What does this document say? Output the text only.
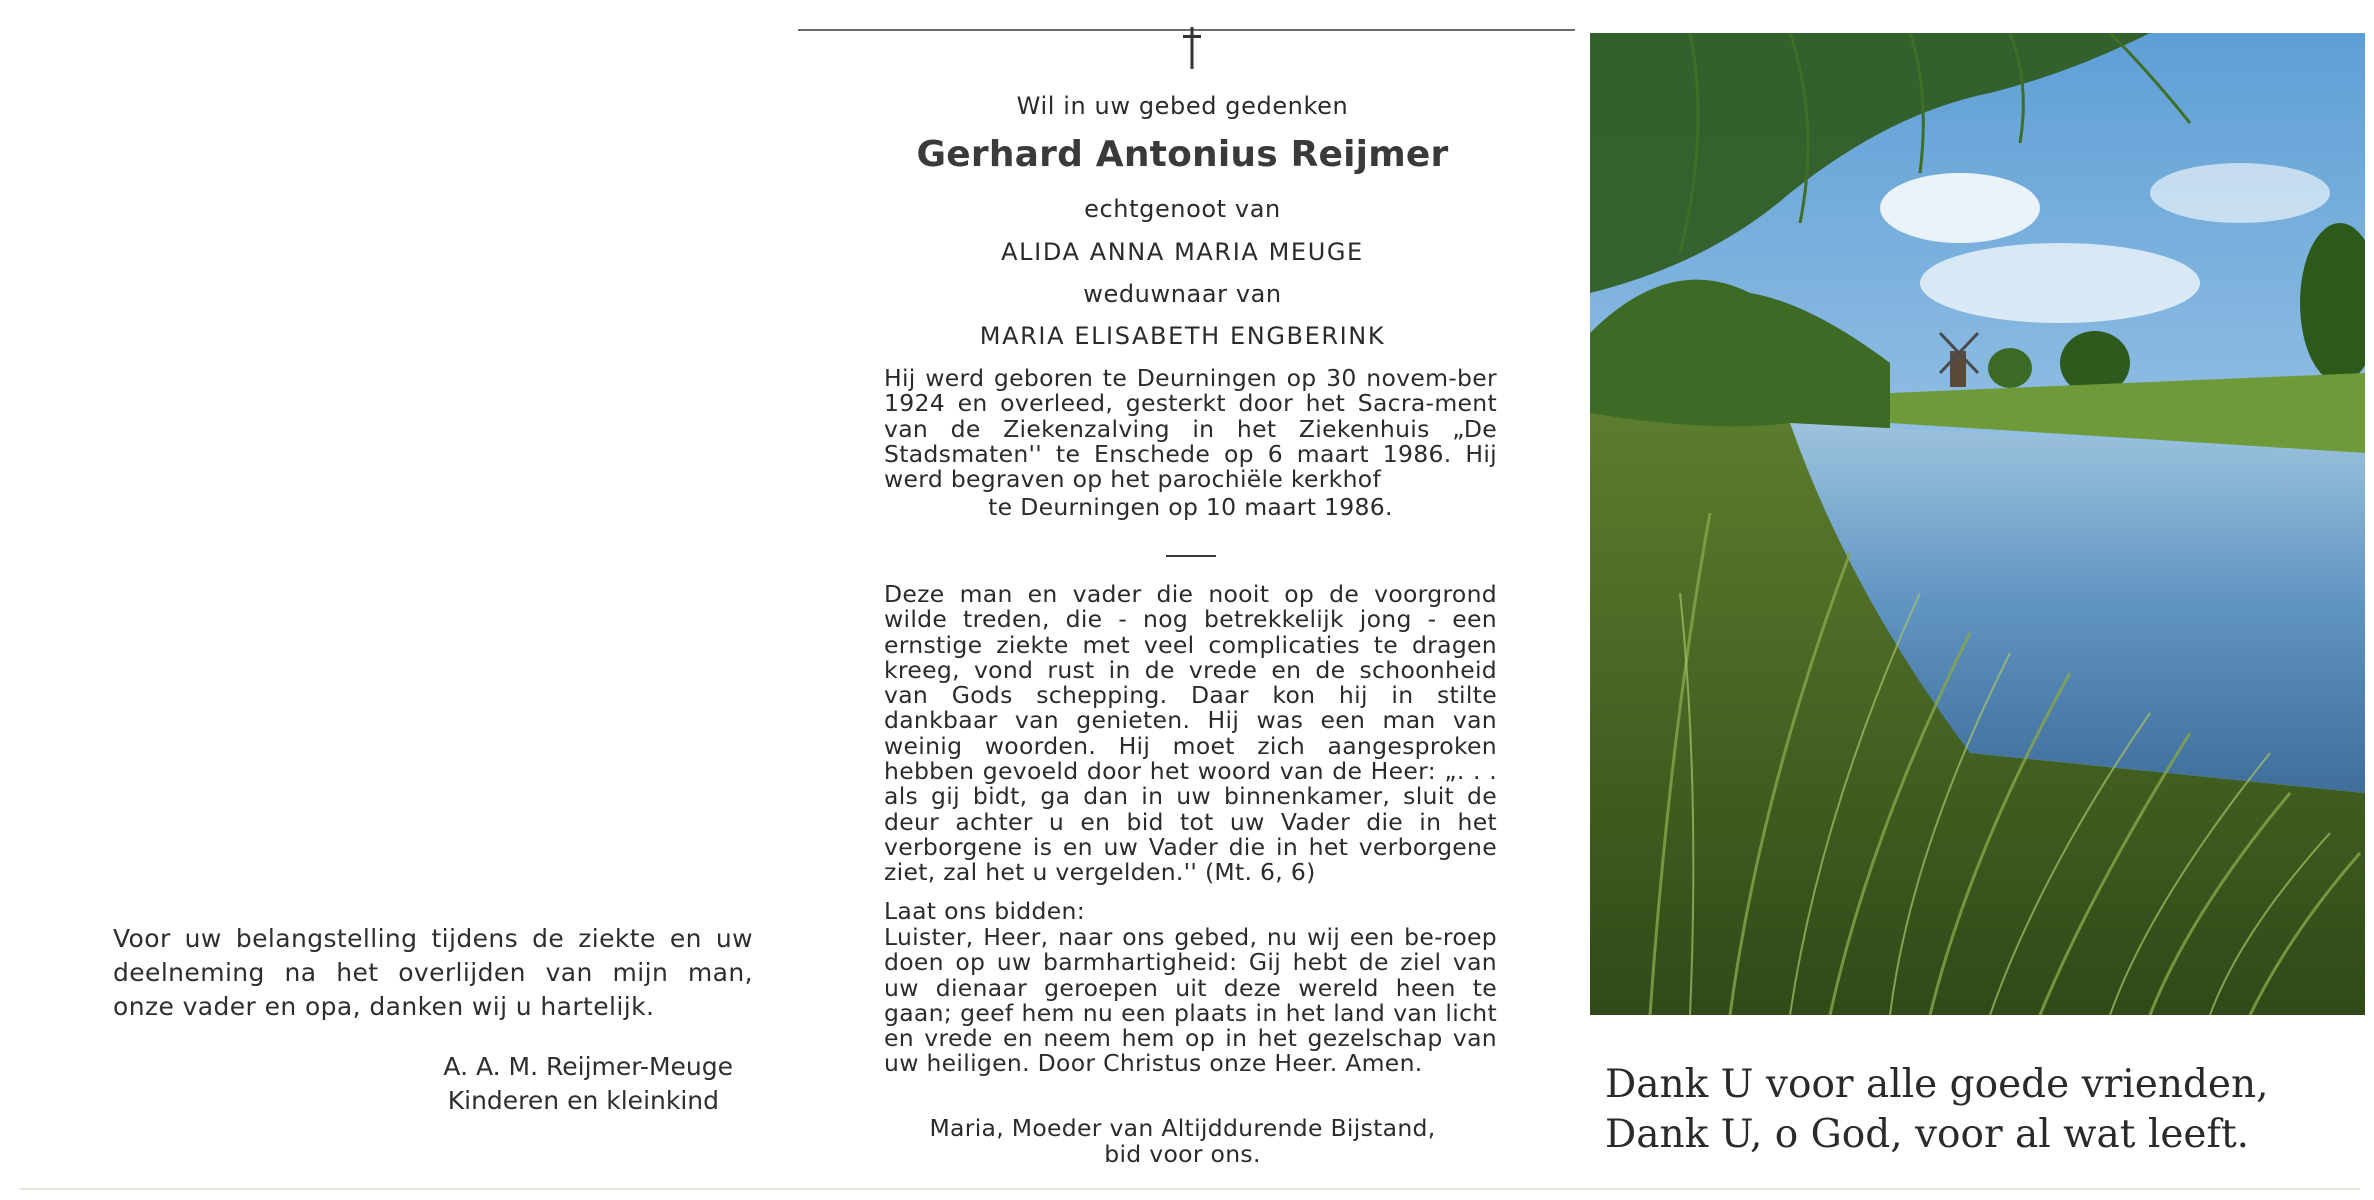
Voor uw belangstelling tijdens de ziekte en uw deelneming na het overlijden van mijn man, onze vader en opa, danken wij u hartelijk.

A. A. M. Reijmer-Meuge
Kinderen en kleinkind
Wil in uw gebed gedenken
Gerhard Antonius Reijmer
echtgenoot van
ALIDA ANNA MARIA MEUGE
weduwnaar van
MARIA ELISABETH ENGBERINK

Hij werd geboren te Deurningen op 30 novem-ber 1924 en overleed, gesterkt door het Sacra-ment van de Ziekenzalving in het Ziekenhuis „De Stadsmaten'' te Enschede op 6 maart 1986. Hij werd begraven op het parochiële kerkhof

te Deurningen op 10 maart 1986.

Deze man en vader die nooit op de voorgrond wilde treden, die - nog betrekkelijk jong - een ernstige ziekte met veel complicaties te dragen kreeg, vond rust in de vrede en de schoonheid van Gods schepping. Daar kon hij in stilte dankbaar van genieten. Hij was een man van weinig woorden. Hij moet zich aangesproken hebben gevoeld door het woord van de Heer: „. . . als gij bidt, ga dan in uw binnenkamer, sluit de deur achter u en bid tot uw Vader die in het verborgene is en uw Vader die in het verborgene ziet, zal het u vergelden.'' (Mt. 6, 6)

Laat ons bidden:

Luister, Heer, naar ons gebed, nu wij een be-roep doen op uw barmhartigheid: Gij hebt de ziel van uw dienaar geroepen uit deze wereld heen te gaan; geef hem nu een plaats in het land van licht en vrede en neem hem op in het gezelschap van uw heiligen. Door Christus onze Heer. Amen.

Maria, Moeder van Altijddurende Bijstand,
bid voor ons.
Dank U voor alle goede vrienden,
Dank U, o God, voor al wat leeft.
